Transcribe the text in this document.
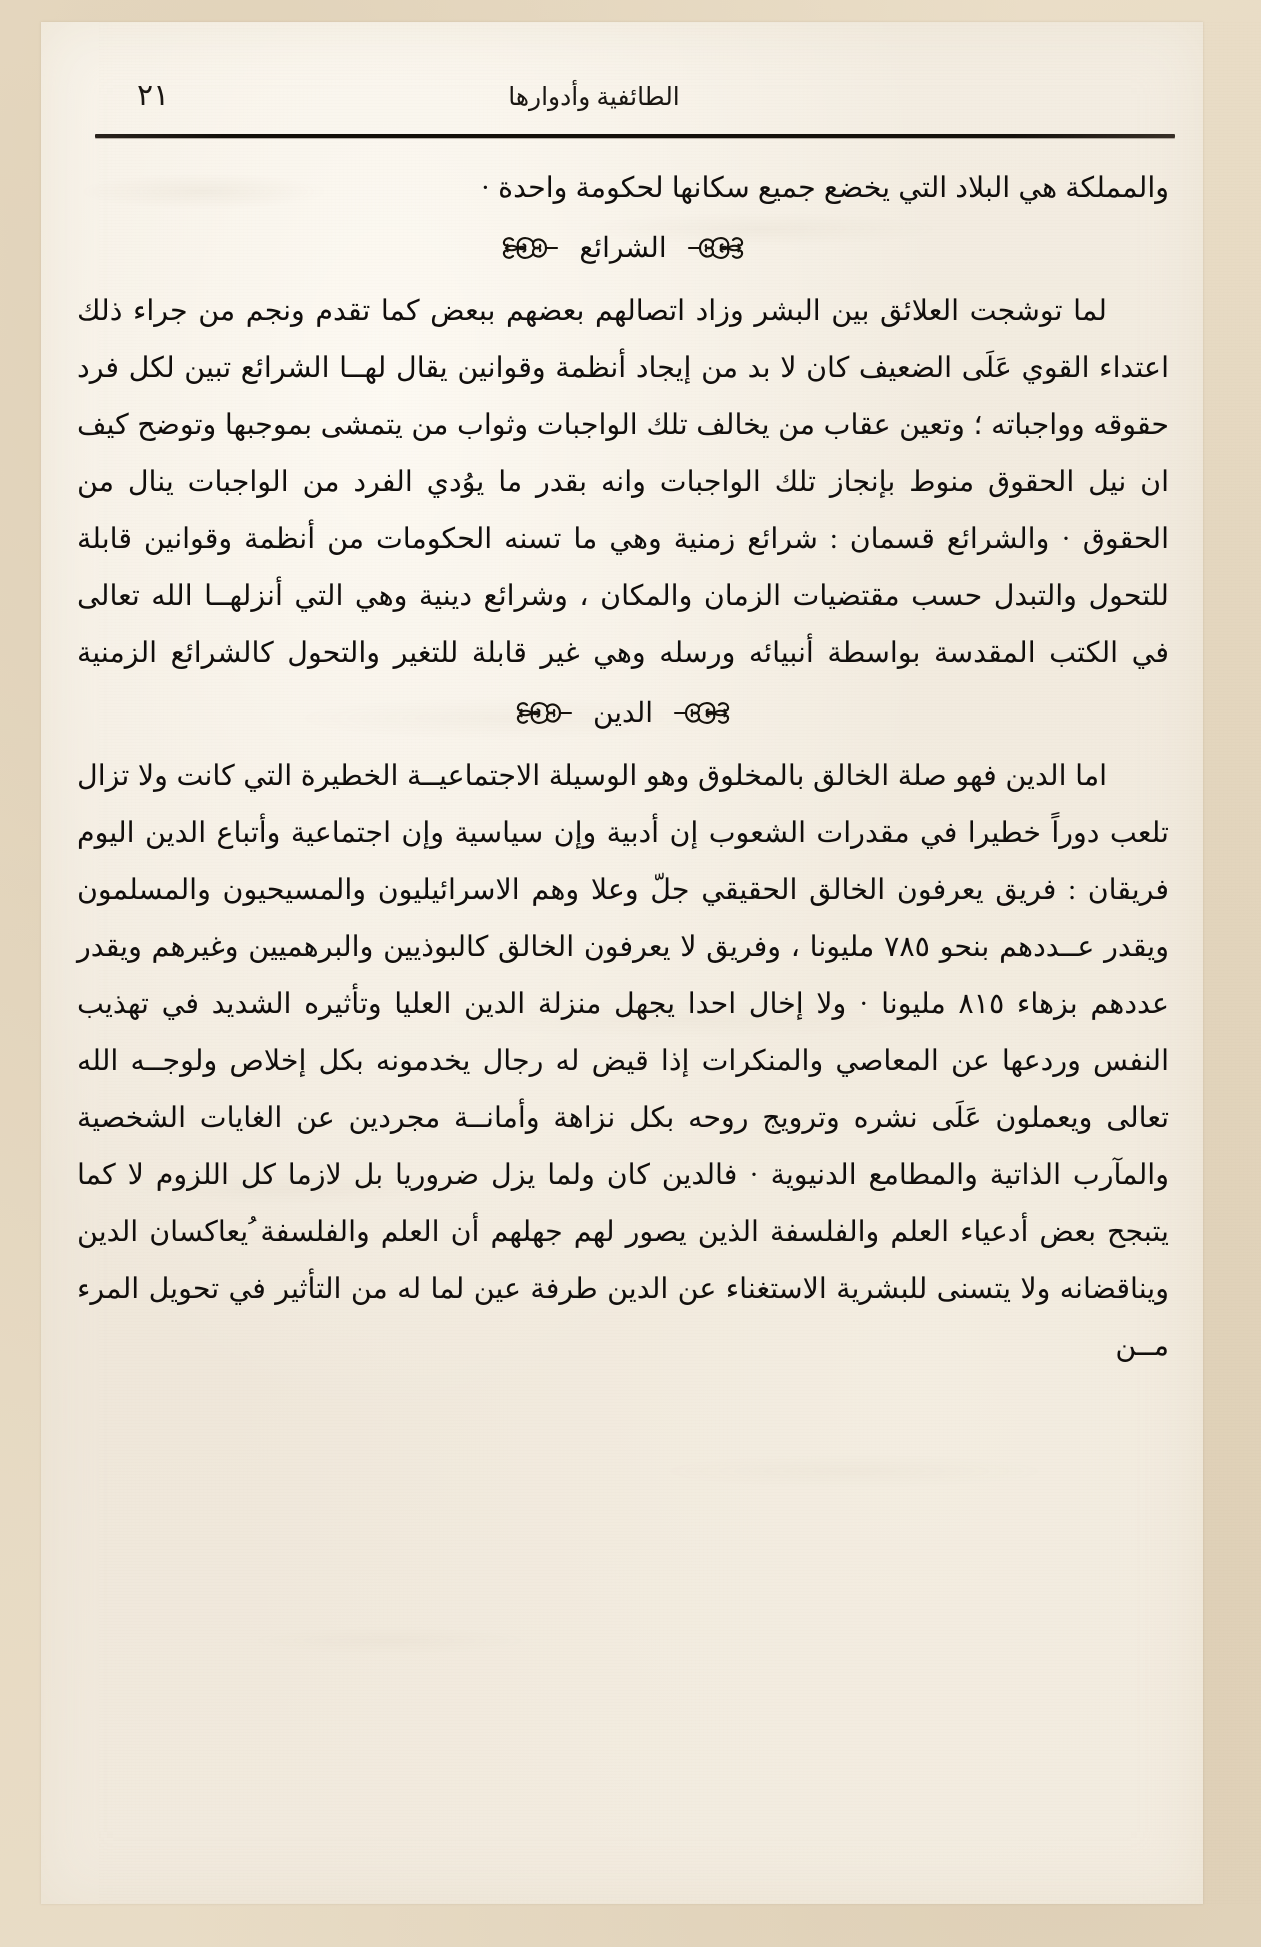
٢١	الطائفية وأدوارها

والمملكة هي البلاد التي يخضع جميع سكانها لحكومة واحدة ·

الشرائع

لما توشجت العلائق بين البشر وزاد اتصالهم بعضهم ببعض كما تقدم ونجم من جراء ذلك اعتداء القوي عَلَى الضعيف كان لا بد من إيجاد أنظمة وقوانين يقال لهــا الشرائع تبين لكل فرد حقوقه وواجباته ؛ وتعين عقاب من يخالف تلك الواجبات وثواب من يتمشى بموجبها وتوضح كيف ان نيل الحقوق منوط بإنجاز تلك الواجبات وانه بقدر ما يوُدي الفرد من الواجبات ينال من الحقوق · والشرائع قسمان : شرائع زمنية وهي ما تسنه الحكومات من أنظمة وقوانين قابلة للتحول والتبدل حسب مقتضيات الزمان والمكان ، وشرائع دينية وهي التي أنزلهــا الله تعالى في الكتب المقدسة بواسطة أنبيائه ورسله وهي غير قابلة للتغير والتحول كالشرائع الزمنية

الدين

اما الدين فهو صلة الخالق بالمخلوق وهو الوسيلة الاجتماعيــة الخطيرة التي كانت ولا تزال تلعب دوراً خطيرا في مقدرات الشعوب إن أدبية وإن سياسية وإن اجتماعية وأتباع الدين اليوم فريقان : فريق يعرفون الخالق الحقيقي جلّ وعلا وهم الاسرائيليون والمسيحيون والمسلمون ويقدر عــددهم بنحو ٧٨٥ مليونا ، وفريق لا يعرفون الخالق كالبوذيين والبرهميين وغيرهم ويقدر عددهم بزهاء ٨١٥ مليونا · ولا إخال احدا يجهل منزلة الدين العليا وتأثيره الشديد في تهذيب النفس وردعها عن المعاصي والمنكرات إذا قيض له رجال يخدمونه بكل إخلاص ولوجــه الله تعالى ويعملون عَلَى نشره وترويج روحه بكل نزاهة وأمانــة مجردين عن الغايات الشخصية والمآرب الذاتية والمطامع الدنيوية · فالدين كان ولما يزل ضروريا بل لازما كل اللزوم لا كما يتبجح بعض أدعياء العلم والفلسفة الذين يصور لهم جهلهم أن العلم والفلسفة ُيعاكسان الدين ويناقضانه ولا يتسنى للبشرية الاستغناء عن الدين طرفة عين لما له من التأثير في تحويل المرء مــن
